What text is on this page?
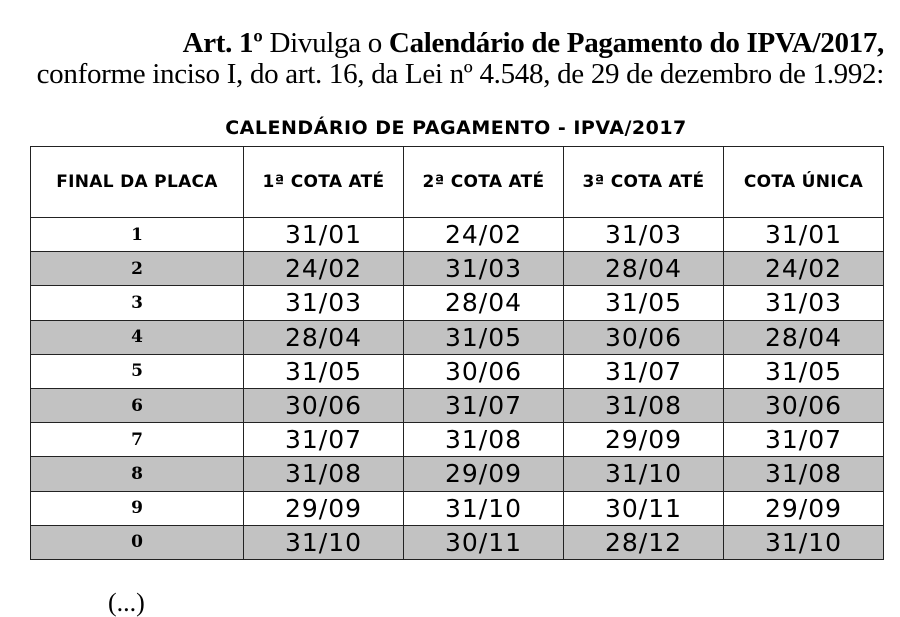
Art. 1º Divulga o Calendário de Pagamento do IPVA/2017,
conforme inciso I, do art. 16, da Lei nº 4.548, de 29 de dezembro de 1.992:
CALENDÁRIO DE PAGAMENTO - IPVA/2017
FINAL DA PLACA	1ª COTA ATÉ	2ª COTA ATÉ	3ª COTA ATÉ	COTA ÚNICA
1	31/01	24/02	31/03	31/01
2	24/02	31/03	28/04	24/02
3	31/03	28/04	31/05	31/03
4	28/04	31/05	30/06	28/04
5	31/05	30/06	31/07	31/05
6	30/06	31/07	31/08	30/06
7	31/07	31/08	29/09	31/07
8	31/08	29/09	31/10	31/08
9	29/09	31/10	30/11	29/09
0	31/10	30/11	28/12	31/10
(...)
